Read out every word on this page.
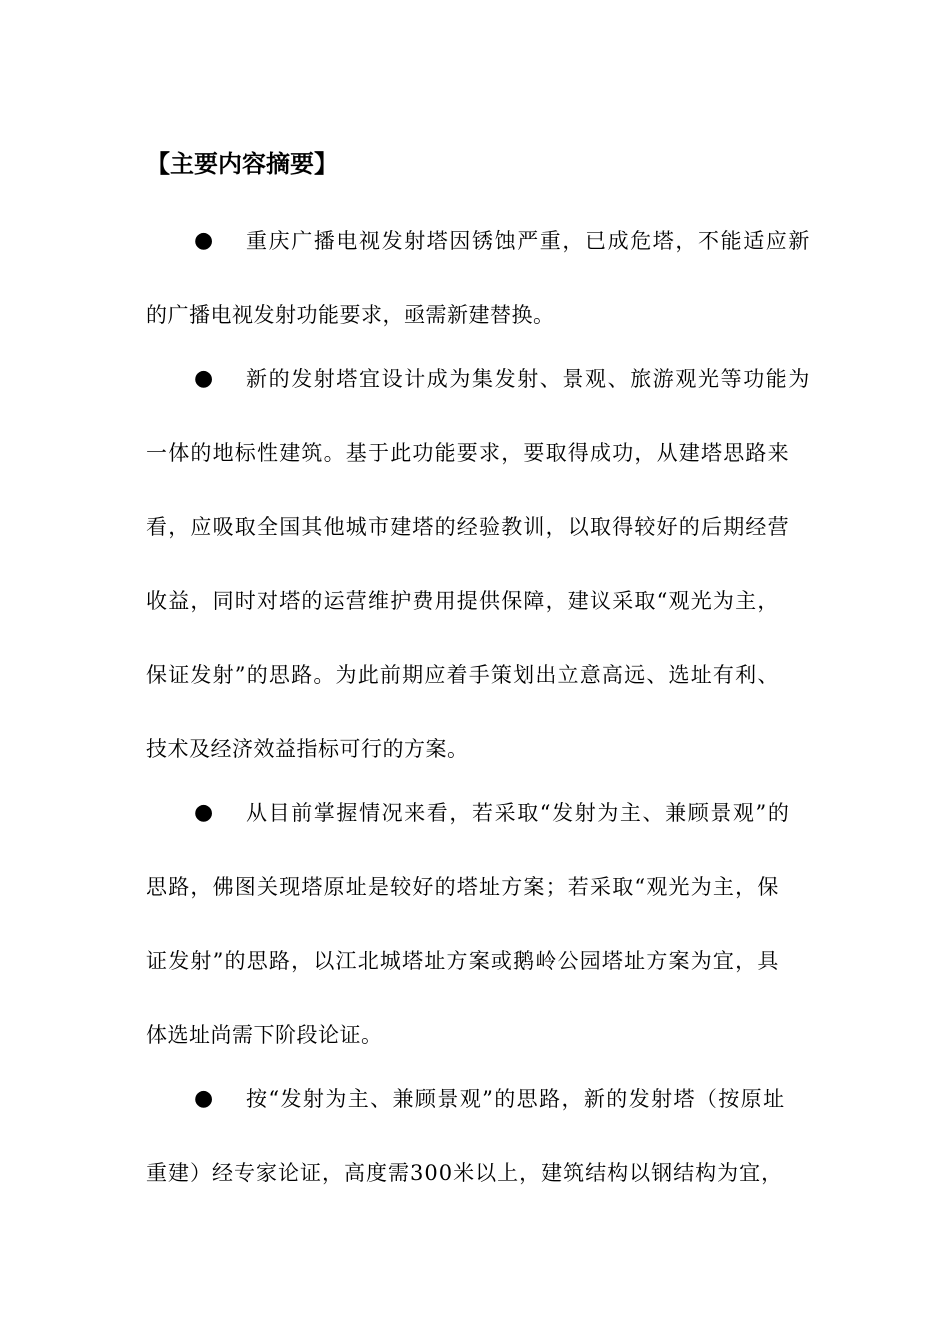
【主要内容摘要】
● 重庆广播电视发射塔因锈蚀严重，已成危塔，不能适应新
的广播电视发射功能要求，亟需新建替换。
● 新的发射塔宜设计成为集发射、景观、旅游观光等功能为
一体的地标性建筑。基于此功能要求，要取得成功，从建塔思路来
看，应吸取全国其他城市建塔的经验教训，以取得较好的后期经营
收益，同时对塔的运营维护费用提供保障，建议采取“观光为主，
保证发射”的思路。为此前期应着手策划出立意高远、选址有利、
技术及经济效益指标可行的方案。
● 从目前掌握情况来看，若采取“发射为主、兼顾景观”的
思路，佛图关现塔原址是较好的塔址方案；若采取“观光为主，保
证发射”的思路，以江北城塔址方案或鹅岭公园塔址方案为宜，具
体选址尚需下阶段论证。
● 按“发射为主、兼顾景观”的思路，新的发射塔（按原址
重建）经专家论证，高度需300米以上，建筑结构以钢结构为宜，
